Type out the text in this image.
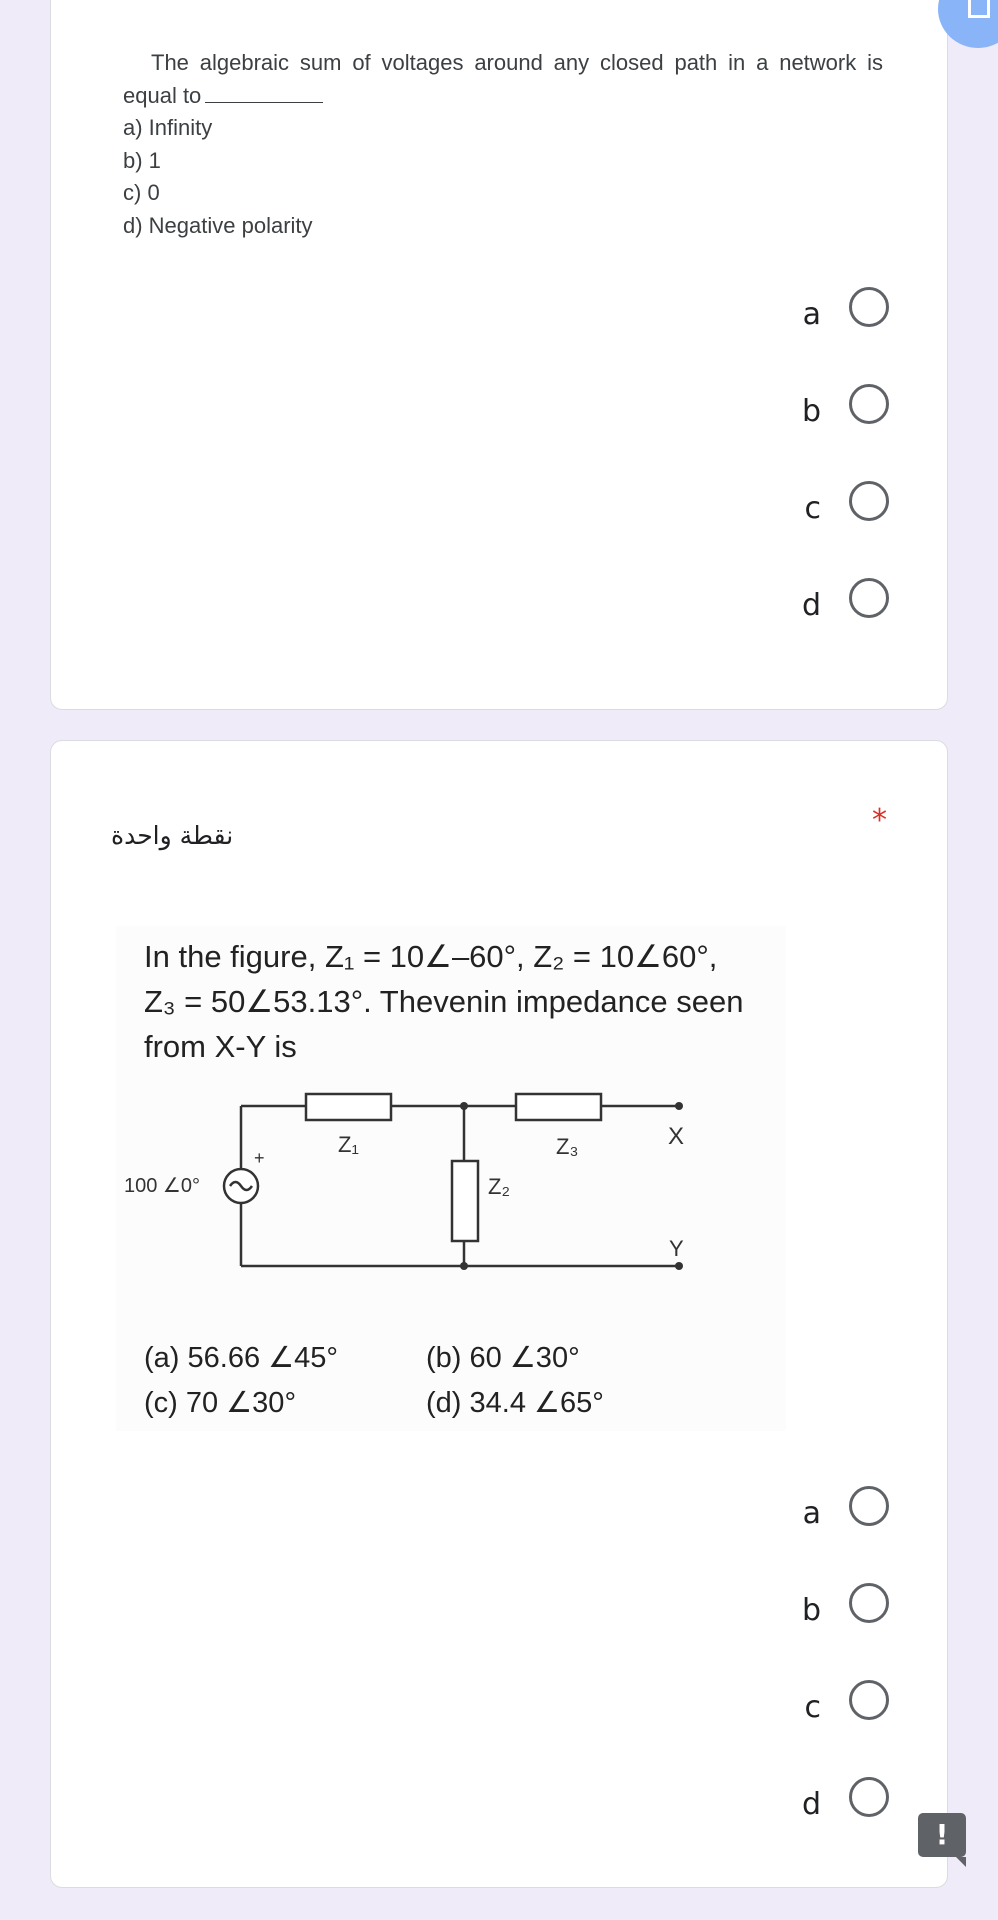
The algebraic sum of voltages around any closed path in a network is equal to
a) Infinity
b) 1
c) 0
d) Negative polarity
a
b
c
d
نقطة واحدة	*
In the figure, Z₁ = 10∠–60°, Z₂ = 10∠60°,
Z₃ = 50∠53.13°. Thevenin impedance seen
from X-Y is
100 ∠0°
+
Z₁
Z₂
Z₃	X
Y
(a) 56.66 ∠45°	(b) 60 ∠30°
(c) 70 ∠30°	(d) 34.4 ∠65°
a
b
c
d
!
